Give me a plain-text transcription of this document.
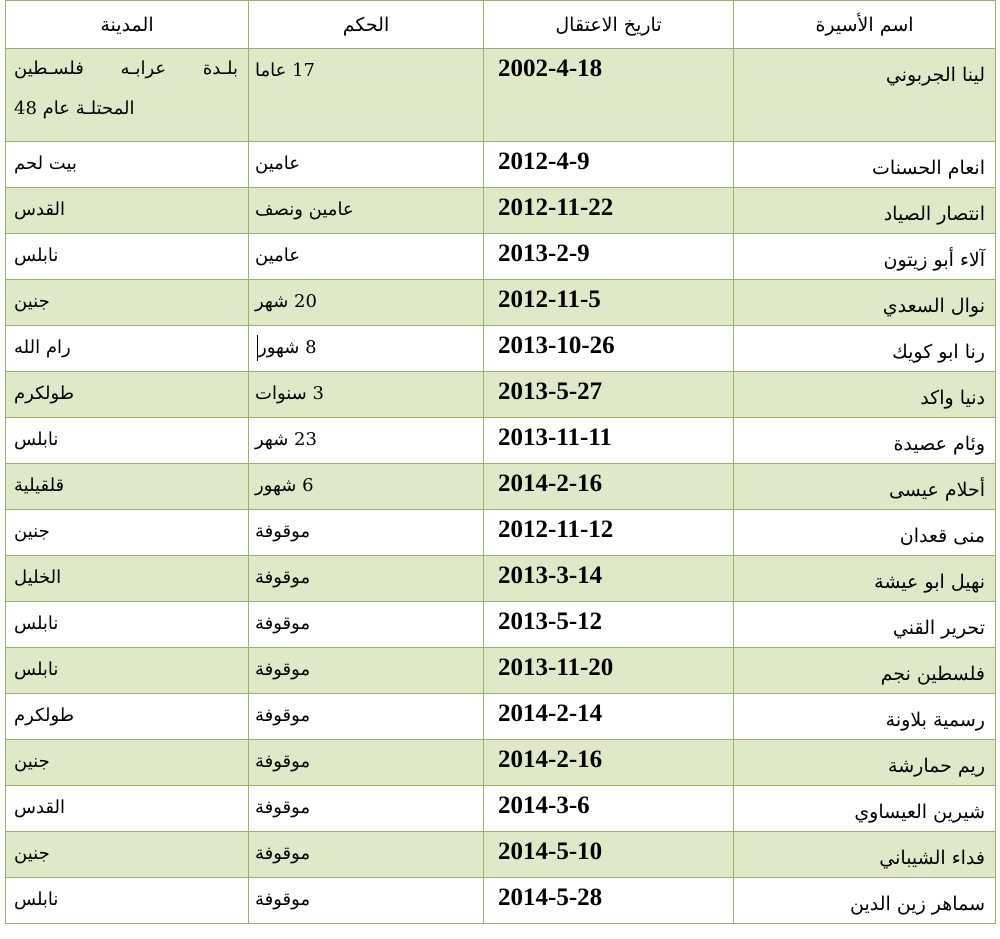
اسم الأسيرة	تاريخ الاعتقال	الحكم	المدينة

لينا الجربوني	2002-4-18	17 عاما	بلـدة عرابـه فلسـطين المحتلـة عام 48

انعام الحسنات	2012-4-9	عامين	بيت لحم

انتصار الصياد	2012-11-22	عامين ونصف	القدس

آلاء أبو زيتون	2013-2-9	عامين	نابلس

نوال السعدي	2012-11-5	20 شهر	جنين

رنا ابو كويك	2013-10-26	8 شهور	رام الله

دنيا واكد	2013-5-27	3 سنوات	طولكرم

وئام عصيدة	2013-11-11	23 شهر	نابلس

أحلام عيسى	2014-2-16	6 شهور	قلقيلية

منى قعدان	2012-11-12	موقوفة	جنين

نهيل ابو عيشة	2013-3-14	موقوفة	الخليل

تحرير القني	2013-5-12	موقوفة	نابلس

فلسطين نجم	2013-11-20	موقوفة	نابلس

رسمية بلاونة	2014-2-14	موقوفة	طولكرم

ريم حمارشة	2014-2-16	موقوفة	جنين

شيرين العيساوي	2014-3-6	موقوفة	القدس

فداء الشيباني	2014-5-10	موقوفة	جنين

سماهر زين الدين	2014-5-28	موقوفة	نابلس
